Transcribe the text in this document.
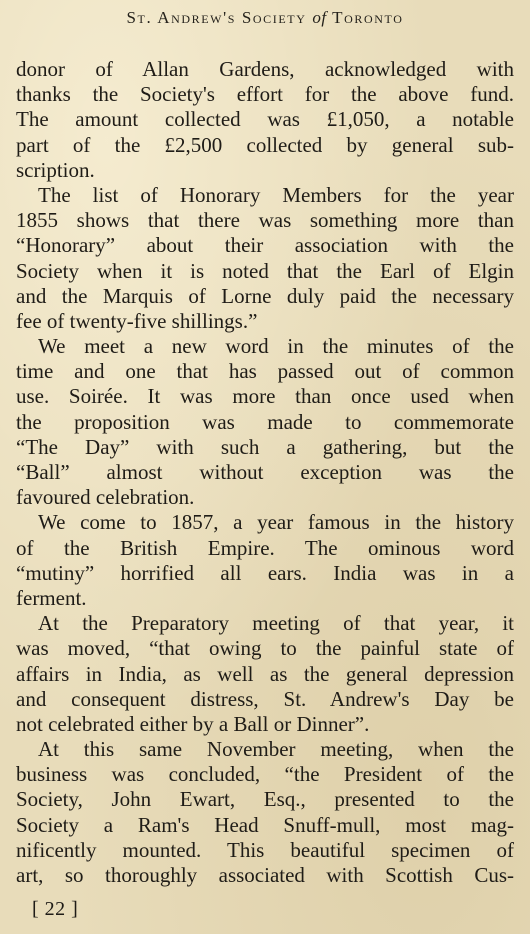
St. Andrew's Society of Toronto
donor of Allan Gardens, acknowledged with
thanks the Society's effort for the above fund.
The amount collected was £1,050, a notable
part of the £2,500 collected by general sub-
scription.
The list of Honorary Members for the year
1855 shows that there was something more than
“Honorary” about their association with the
Society when it is noted that the Earl of Elgin
and the Marquis of Lorne duly paid the necessary
fee of twenty-five shillings.”
We meet a new word in the minutes of the
time and one that has passed out of common
use. Soirée. It was more than once used when
the proposition was made to commemorate
“The Day” with such a gathering, but the
“Ball” almost without exception was the
favoured celebration.
We come to 1857, a year famous in the history
of the British Empire. The ominous word
“mutiny” horrified all ears. India was in a
ferment.
At the Preparatory meeting of that year, it
was moved, “that owing to the painful state of
affairs in India, as well as the general depression
and consequent distress, St. Andrew's Day be
not celebrated either by a Ball or Dinner”.
At this same November meeting, when the
business was concluded, “the President of the
Society, John Ewart, Esq., presented to the
Society a Ram's Head Snuff-mull, most mag-
nificently mounted. This beautiful specimen of
art, so thoroughly associated with Scottish Cus-
[ 22 ]
